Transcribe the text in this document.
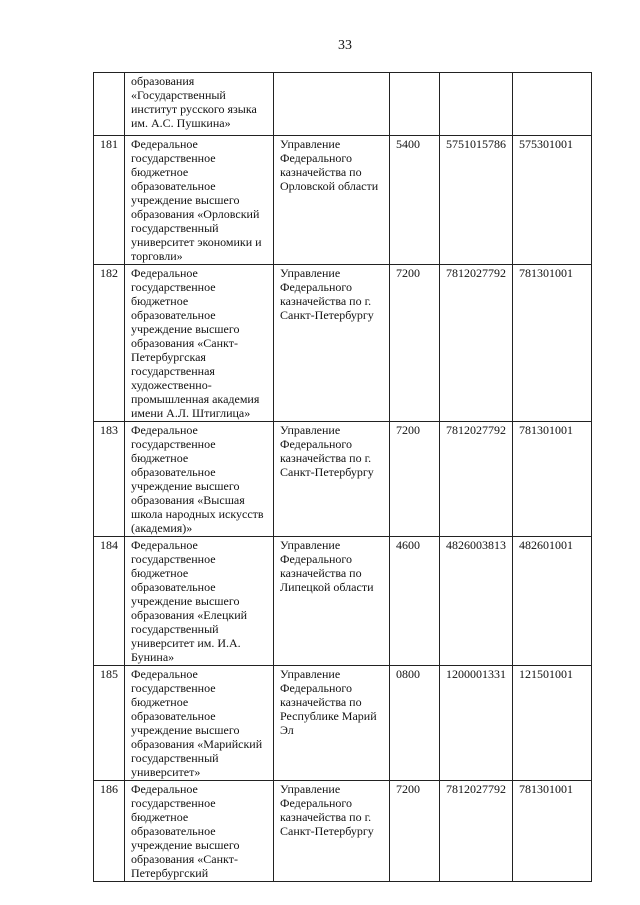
33
	образования «Государственный институт русского языка им. А.С. Пушкина»				
181	Федеральное государственное бюджетное образовательное учреждение высшего образования «Орловский государственный университет экономики и торговли»	Управление Федерального казначейства по Орловской области	5400	5751015786	575301001
182	Федеральное государственное бюджетное образовательное учреждение высшего образования «Санкт-Петербургская государственная художественно-промышленная академия имени А.Л. Штиглица»	Управление Федерального казначейства по г. Санкт-Петербургу	7200	7812027792	781301001
183	Федеральное государственное бюджетное образовательное учреждение высшего образования «Высшая школа народных искусств (академия)»	Управление Федерального казначейства по г. Санкт-Петербургу	7200	7812027792	781301001
184	Федеральное государственное бюджетное образовательное учреждение высшего образования «Елецкий государственный университет им. И.А. Бунина»	Управление Федерального казначейства по Липецкой области	4600	4826003813	482601001
185	Федеральное государственное бюджетное образовательное учреждение высшего образования «Марийский государственный университет»	Управление Федерального казначейства по Республике Марий Эл	0800	1200001331	121501001
186	Федеральное государственное бюджетное образовательное учреждение высшего образования «Санкт-Петербургский	Управление Федерального казначейства по г. Санкт-Петербургу	7200	7812027792	781301001
